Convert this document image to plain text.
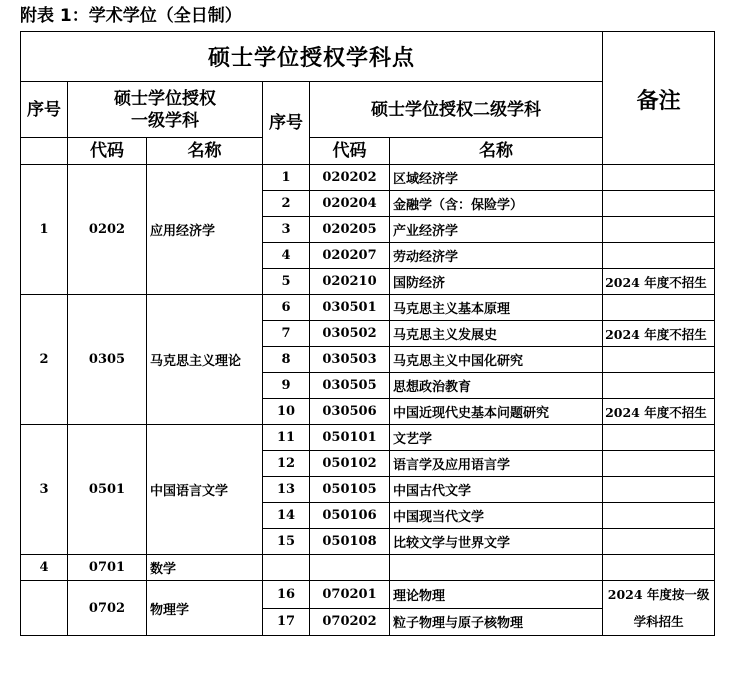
附表 1：学术学位（全日制）
硕士学位授权学科点						备注
序号	硕士学位授权
一级学科		序号	硕士学位授权二级学科		
	代码	名称		代码	名称	
1	0202	应用经济学	1	020202	区域经济学	
			2	020204	金融学（含：保险学）	
			3	020205	产业经济学	
			4	020207	劳动经济学	
			5	020210	国防经济	2024 年度不招生
2	0305	马克思主义理论	6	030501	马克思主义基本原理	
			7	030502	马克思主义发展史	2024 年度不招生
			8	030503	马克思主义中国化研究	
			9	030505	思想政治教育	
			10	030506	中国近现代史基本问题研究	2024 年度不招生
3	0501	中国语言文学	11	050101	文艺学	
			12	050102	语言学及应用语言学	
			13	050105	中国古代文学	
			14	050106	中国现当代文学	
			15	050108	比较文学与世界文学	
4	0701	数学				
	0702	物理学	16	070201	理论物理	2024 年度按一级学科招生
			17	070202	粒子物理与原子核物理	
